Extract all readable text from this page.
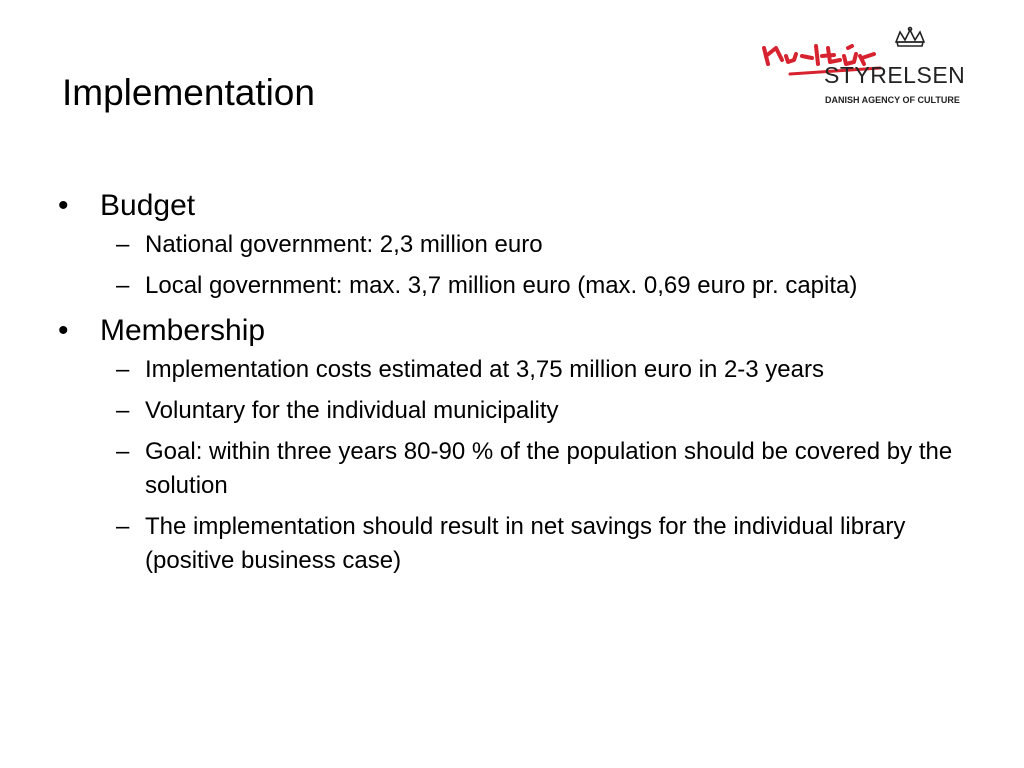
Implementation	STYRELSEN
DANISH AGENCY OF CULTURE
•	Budget
– National government: 2,3 million euro
– Local government: max. 3,7 million euro (max. 0,69 euro pr. capita)
•	Membership
– Implementation costs estimated at 3,75 million euro in 2-3 years
– Voluntary for the individual municipality
– Goal: within three years 80-90 % of the population should be covered by the solution
– The implementation should result in net savings for the individual library (positive business case)
